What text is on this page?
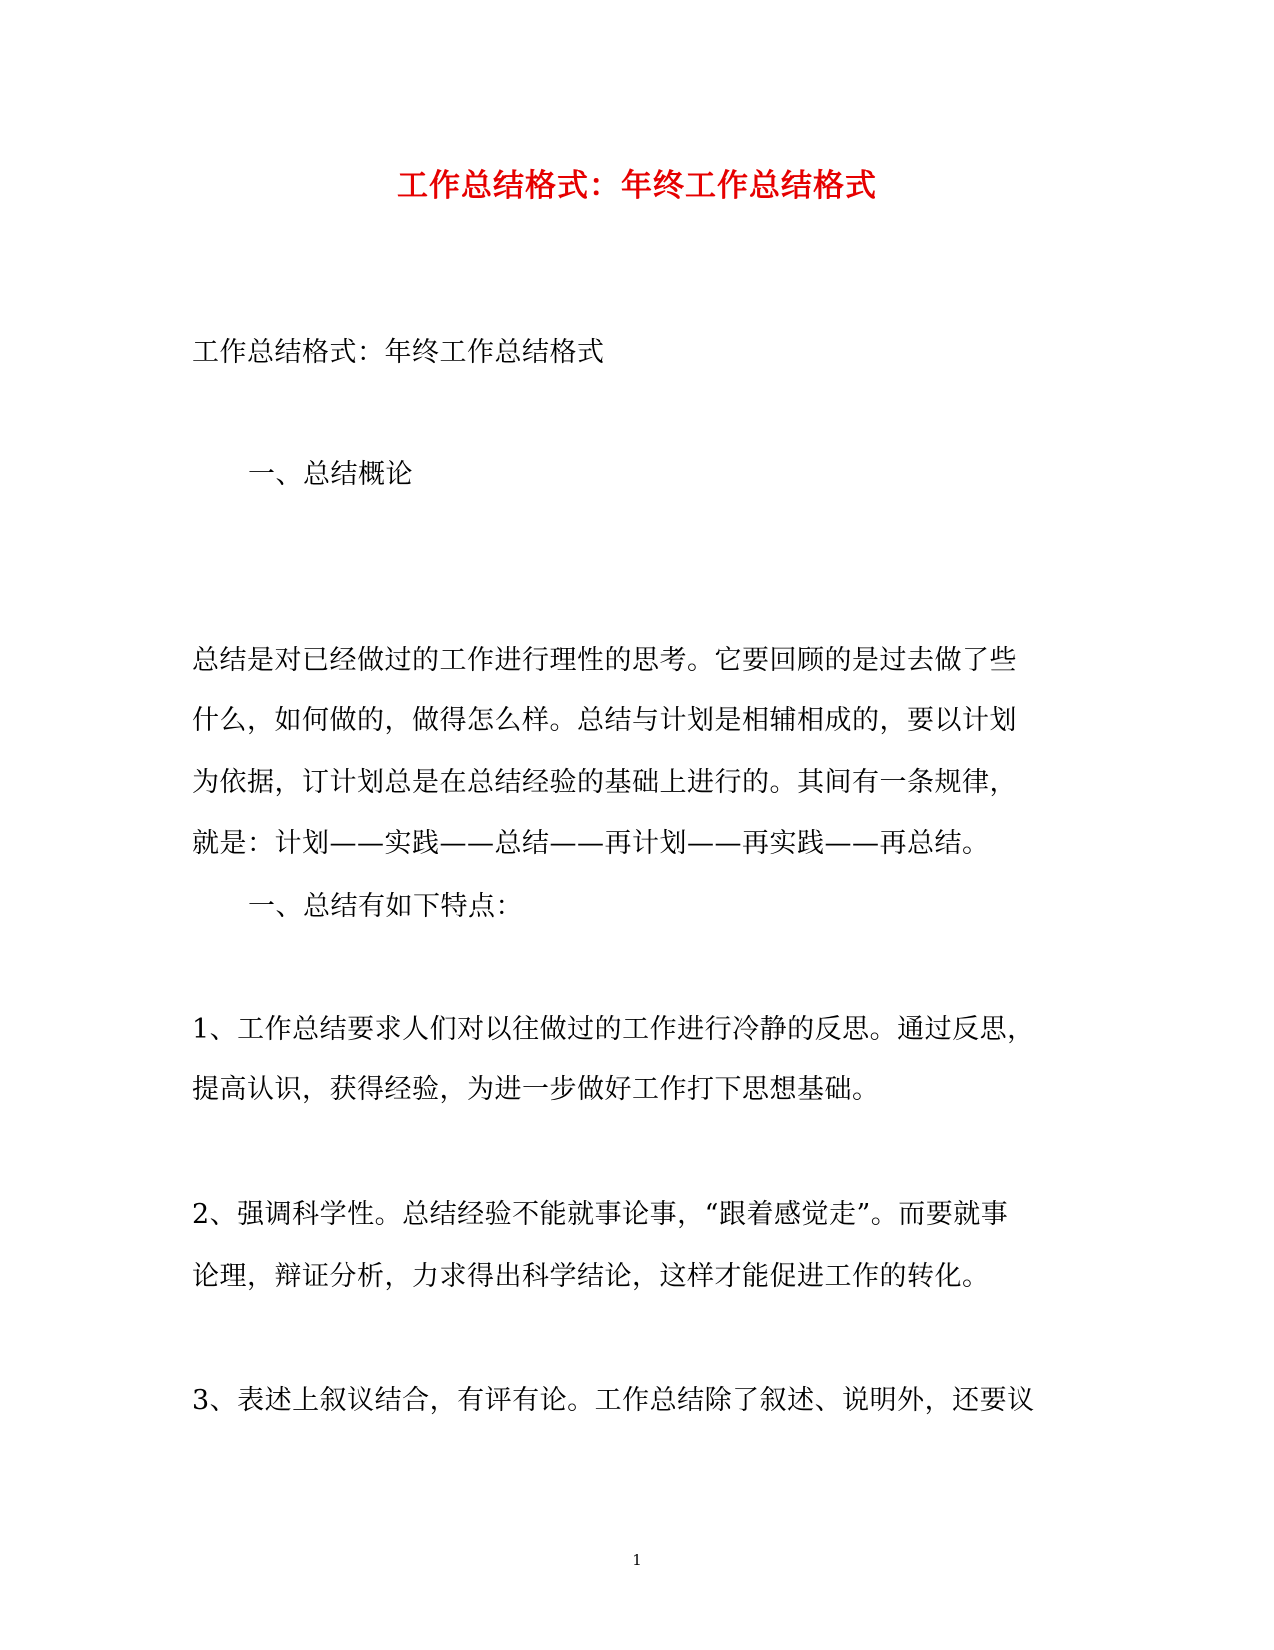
工作总结格式：年终工作总结格式
工作总结格式：年终工作总结格式
一、总结概论
总结是对已经做过的工作进行理性的思考。它要回顾的是过去做了些
什么，如何做的，做得怎么样。总结与计划是相辅相成的，要以计划
为依据，订计划总是在总结经验的基础上进行的。其间有一条规律，
就是：计划——实践——总结——再计划——再实践——再总结。
一、总结有如下特点：
1、工作总结要求人们对以往做过的工作进行冷静的反思。通过反思，
提高认识，获得经验，为进一步做好工作打下思想基础。
2、强调科学性。总结经验不能就事论事，“跟着感觉走”。而要就事
论理，辩证分析，力求得出科学结论，这样才能促进工作的转化。
3、表述上叙议结合，有评有论。工作总结除了叙述、说明外，还要议
1
